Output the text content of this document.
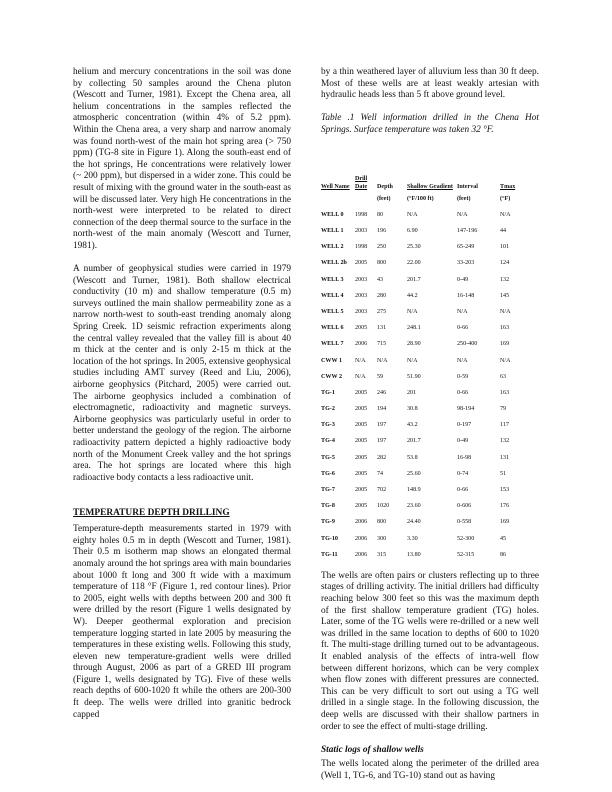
helium and mercury concentrations in the soil was done by collecting 50 samples around the Chena pluton (Wescott and Turner, 1981). Except the Chena area, all helium concentrations in the samples reflected the atmospheric concentration (within 4% of 5.2 ppm). Within the Chena area, a very sharp and narrow anomaly was found north-west of the main hot spring area (> 750 ppm) (TG-8 site in Figure 1). Along the south-east end of the hot springs, He concentrations were relatively lower (~ 200 ppm), but dispersed in a wider zone. This could be result of mixing with the ground water in the south-east as will be discussed later. Very high He concentrations in the north-west were interpreted to be related to direct connection of the deep thermal source to the surface in the north-west of the main anomaly (Wescott and Turner, 1981).

A number of geophysical studies were carried in 1979 (Wescott and Turner, 1981). Both shallow electrical conductivity (10 m) and shallow temperature (0.5 m) surveys outlined the main shallow permeability zone as a narrow north-west to south-east trending anomaly along Spring Creek. 1D seismic refraction experiments along the central valley revealed that the valley fill is about 40 m thick at the center and is only 2-15 m thick at the location of the hot springs. In 2005, extensive geophysical studies including AMT survey (Reed and Liu, 2006), airborne geophysics (Pitchard, 2005) were carried out. The airborne geophysics included a combination of electromagnetic, radioactivity and magnetic surveys. Airborne geophysics was particularly useful in order to better understand the geology of the region. The airborne radioactivity pattern depicted a highly radioactive body north of the Monument Creek valley and the hot springs area. The hot springs are located where this high radioactive body contacts a less radioactive unit.

TEMPERATURE DEPTH DRILLING

Temperature-depth measurements started in 1979 with eighty holes 0.5 m in depth (Wescott and Turner, 1981). Their 0.5 m isotherm map shows an elongated thermal anomaly around the hot springs area with main boundaries about 1000 ft long and 300 ft wide with a maximum temperature of 118 °F (Figure 1, red contour lines). Prior to 2005, eight wells with depths between 200 and 300 ft were drilled by the resort (Figure 1 wells designated by W). Deeper geothermal exploration and precision temperature logging started in late 2005 by measuring the temperatures in these existing wells. Following this study, eleven new temperature-gradient wells were drilled through August, 2006 as part of a GRED III program (Figure 1, wells designated by TG). Five of these wells reach depths of 600-1020 ft while the others are 200-300 ft deep. The wells were drilled into granitic bedrock capped

by a thin weathered layer of alluvium less than 30 ft deep. Most of these wells are at least weakly artesian with hydraulic heads less than 5 ft above ground level.

Table .1 Well information drilled in the Chena Hot Springs. Surface temperature was taken 32 °F.

Well Name	Drill Date	Depth	Shallow Gradient	Interval	Tmax
		(feet)	(°F/100 ft)	(feet)	(°F)
WELL 0	1998	80	N/A	N/A	N/A
WELL 1	2003	196	6.90	147-196	44
WELL 2	1998	250	25.30	65-249	101
WELL 2b	2005	800	22.00	33-203	124
WELL 3	2003	43	201.7	0-49	132
WELL 4	2003	280	44.2	16-148	145
WELL 5	2003	275	N/A	N/A	N/A
WELL 6	2005	131	248.1	0-66	163
WELL 7	2006	715	28.90	250-400	169
CWW 1	N/A	N/A	N/A	N/A	N/A
CWW 2	N/A	59	51.90	0-59	63
TG-1	2005	246	201	0-66	163
TG-2	2005	194	30.8	98-194	79
TG-3	2005	197	43.2	0-197	117
TG-4	2005	197	201.7	0-49	132
TG-5	2005	282	53.8	16-98	131
TG-6	2005	74	25.60	0-74	51
TG-7	2005	702	148.9	0-66	153
TG-8	2005	1020	23.60	0-606	176
TG-9	2006	800	24.40	0-558	169
TG-10	2006	300	3.30	52-300	45
TG-11	2006	315	13.80	52-315	86

The wells are often pairs or clusters reflecting up to three stages of drilling activity. The initial drillers had difficulty reaching below 300 feet so this was the maximum depth of the first shallow temperature gradient (TG) holes. Later, some of the TG wells were re-drilled or a new well was drilled in the same location to depths of 600 to 1020 ft. The multi-stage drilling turned out to be advantageous. It enabled analysis of the effects of intra-well flow between different horizons, which can be very complex when flow zones with different pressures are connected. This can be very difficult to sort out using a TG well drilled in a single stage. In the following discussion, the deep wells are discussed with their shallow partners in order to see the effect of multi-stage drilling.

Static logs of shallow wells

The wells located along the perimeter of the drilled area (Well 1, TG-6, and TG-10) stand out as having
